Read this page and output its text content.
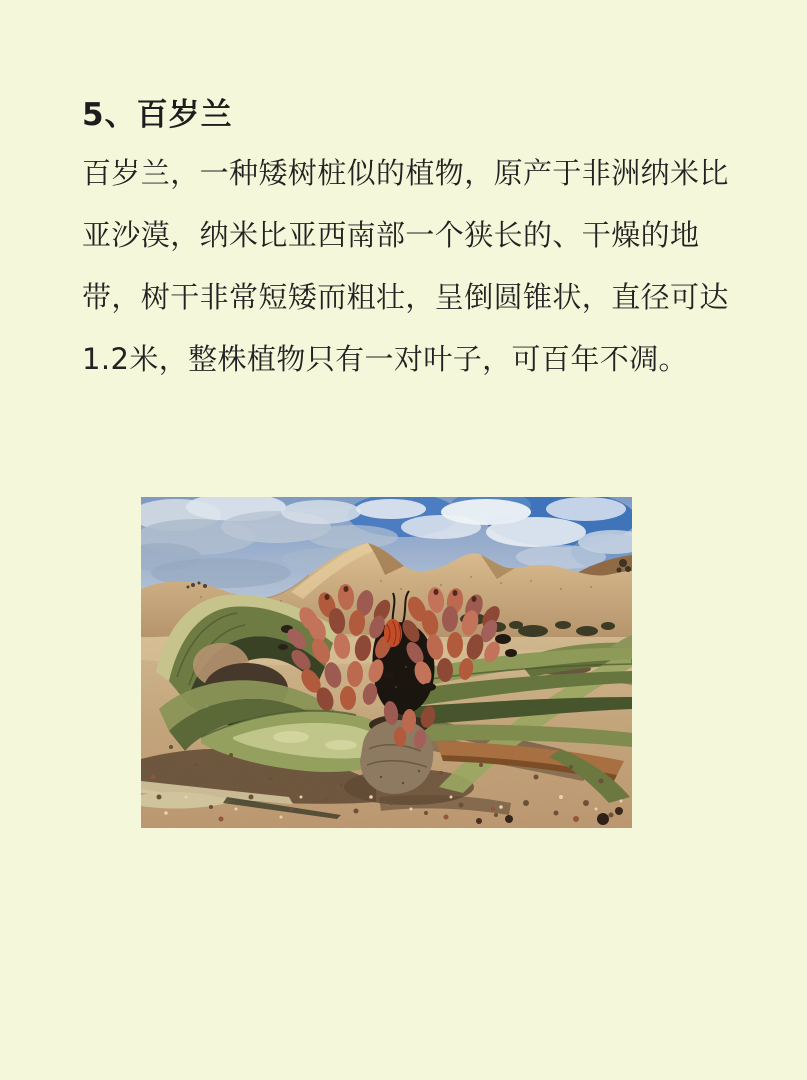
5、百岁兰

百岁兰，一种矮树桩似的植物，原产于非洲纳米比亚沙漠，纳米比亚西南部一个狭长的、干燥的地带，树干非常短矮而粗壮，呈倒圆锥状，直径可达1.2米，整株植物只有一对叶子，可百年不凋。
